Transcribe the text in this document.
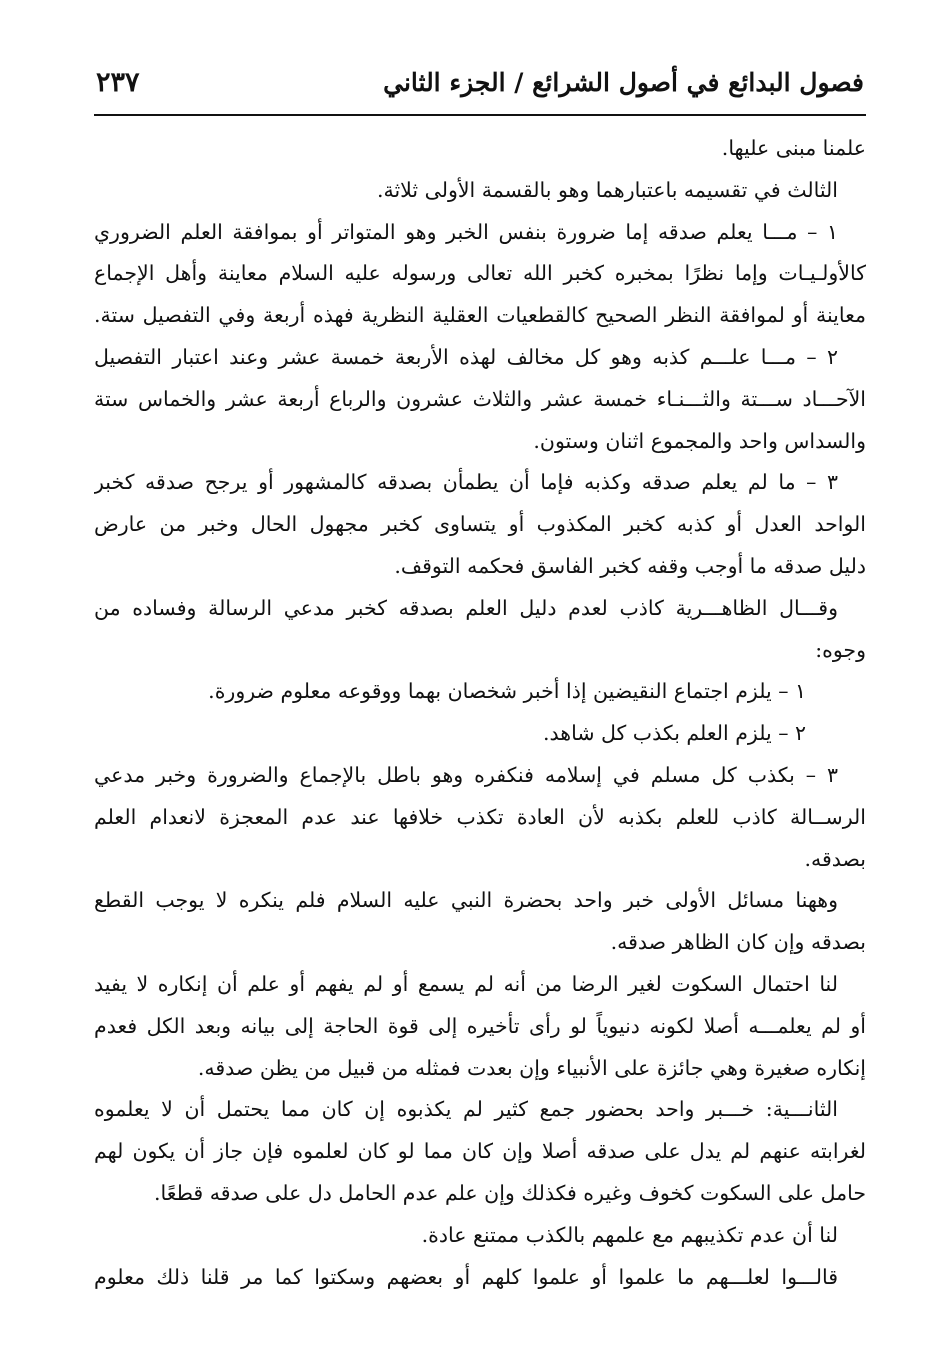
فصول البدائع في أصول الشرائع / الجزء الثاني
٢٣٧
علمنا مبنى عليها.
الثالث في تقسيمه باعتبارهما وهو بالقسمة الأولى ثلاثة.
١ – مـــا يعلم صدقه إما ضرورة بنفس الخبر وهو المتواتر أو بموافقة العلم الضروري
كالأولـيـات وإما نظرًا بمخبره كخبر الله تعالى ورسوله عليه السلام معاينة وأهل الإجماع
معاينة أو لموافقة النظر الصحيح كالقطعيات العقلية النظرية فهذه أربعة وفي التفصيل ستة.
٢ – مـــا علـــم كذبه وهو كل مخالف لهذه الأربعة خمسة عشر وعند اعتبار التفصيل
الآحـــاد ســـتة والثـــنـاء خمسة عشر والثلاث عشرون والرباع أربعة عشر والخماس ستة
والسداس واحد والمجموع اثنان وستون.
٣ – ما لم يعلم صدقه وكذبه فإما أن يطمأن بصدقه كالمشهور أو يرجح صدقه كخبر
الواحد العدل أو كذبه كخبر المكذوب أو يتساوى كخبر مجهول الحال وخبر من عارض
دليل صدقه ما أوجب وقفه كخبر الفاسق فحكمه التوقف.
وقـــال الظاهـــرية كاذب لعدم دليل العلم بصدقه كخبر مدعي الرسالة وفساده من
وجوه:
١ – يلزم اجتماع النقيضين إذا أخبر شخصان بهما ووقوعه معلوم ضرورة.
٢ – يلزم العلم بكذب كل شاهد.
٣ – بكذب كل مسلم في إسلامه فنكفره وهو باطل بالإجماع والضرورة وخبر مدعي
الرســالة كاذب للعلم بكذبه لأن العادة تكذب خلافها عند عدم المعجزة لانعدام العلم
بصدقه.
وههنا مسائل الأولى خبر واحد بحضرة النبي عليه السلام فلم ينكره لا يوجب القطع
بصدقه وإن كان الظاهر صدقه.
لنا احتمال السكوت لغير الرضا من أنه لم يسمع أو لم يفهم أو علم أن إنكاره لا يفيد
أو لم يعلمـــه أصلا لكونه دنيوياً لو رأى تأخيره إلى قوة الحاجة إلى بيانه وبعد الكل فعدم
إنكاره صغيرة وهي جائزة على الأنبياء وإن بعدت فمثله من قبيل من يظن صدقه.
الثانـــية: خـــبر واحد بحضور جمع كثير لم يكذبوه إن كان مما يحتمل أن لا يعلموه
لغرابته عنهم لم يدل على صدقه أصلا وإن كان مما لو كان لعلموه فإن جاز أن يكون لهم
حامل على السكوت كخوف وغيره فكذلك وإن علم عدم الحامل دل على صدقه قطعًا.
لنا أن عدم تكذيبهم مع علمهم بالكذب ممتنع عادة.
قالـــوا لعلـــهم ما علموا أو علموا كلهم أو بعضهم وسكتوا كما مر قلنا ذلك معلوم
